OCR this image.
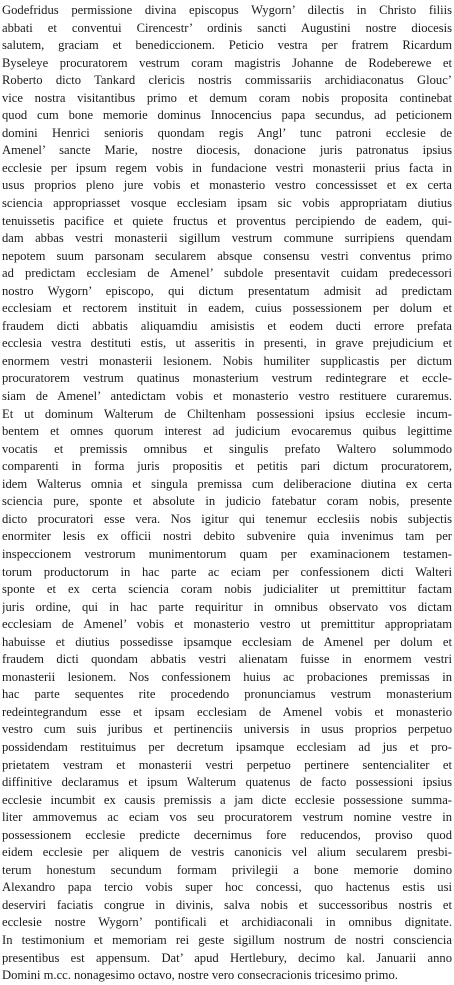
Godefridus permissione divina episcopus Wygorn’ dilectis in Christo filiis
abbati et conventui Cirencestr’ ordinis sancti Augustini nostre diocesis
salutem, graciam et benediccionem. Peticio vestra per fratrem Ricardum
Byseleye procuratorem vestrum coram magistris Johanne de Rodeberewe et
Roberto dicto Tankard clericis nostris commissariis archidiaconatus Glouc’
vice nostra visitantibus primo et demum coram nobis proposita continebat
quod cum bone memorie dominus Innocencius papa secundus, ad peticionem
domini Henrici senioris quondam regis Angl’ tunc patroni ecclesie de
Amenel’ sancte Marie, nostre diocesis, donacione juris patronatus ipsius
ecclesie per ipsum regem vobis in fundacione vestri monasterii prius facta in
usus proprios pleno jure vobis et monasterio vestro concessisset et ex certa
sciencia appropriasset vosque ecclesiam ipsam sic vobis appropriatam diutius
tenuissetis pacifice et quiete fructus et proventus percipiendo de eadem, qui-
dam abbas vestri monasterii sigillum vestrum commune surripiens quendam
nepotem suum parsonam secularem absque consensu vestri conventus primo
ad predictam ecclesiam de Amenel’ subdole presentavit cuidam predecessori
nostro Wygorn’ episcopo, qui dictum presentatum admisit ad predictam
ecclesiam et rectorem instituit in eadem, cuius possessionem per dolum et
fraudem dicti abbatis aliquamdiu amisistis et eodem ducti errore prefata
ecclesia vestra destituti estis, ut asseritis in presenti, in grave prejudicium et
enormem vestri monasterii lesionem. Nobis humiliter supplicastis per dictum
procuratorem vestrum quatinus monasterium vestrum redintegrare et eccle-
siam de Amenel’ antedictam vobis et monasterio vestro restituere curaremus.
Et ut dominum Walterum de Chiltenham possessioni ipsius ecclesie incum-
bentem et omnes quorum interest ad judicium evocaremus quibus legittime
vocatis et premissis omnibus et singulis prefato Waltero solummodo
comparenti in forma juris propositis et petitis pari dictum procuratorem,
idem Walterus omnia et singula premissa cum deliberacione diutina ex certa
sciencia pure, sponte et absolute in judicio fatebatur coram nobis, presente
dicto procuratori esse vera. Nos igitur qui tenemur ecclesiis nobis subjectis
enormiter lesis ex officii nostri debito subvenire quia invenimus tam per
inspeccionem vestrorum munimentorum quam per examinacionem testamen-
torum productorum in hac parte ac eciam per confessionem dicti Walteri
sponte et ex certa sciencia coram nobis judicialiter ut premittitur factam
juris ordine, qui in hac parte requiritur in omnibus observato vos dictam
ecclesiam de Amenel’ vobis et monasterio vestro ut premittitur appropriatam
habuisse et diutius possedisse ipsamque ecclesiam de Amenel per dolum et
fraudem dicti quondam abbatis vestri alienatam fuisse in enormem vestri
monasterii lesionem. Nos confessionem huius ac probaciones premissas in
hac parte sequentes rite procedendo pronunciamus vestrum monasterium
redeintegrandum esse et ipsam ecclesiam de Amenel vobis et monasterio
vestro cum suis juribus et pertinenciis universis in usus proprios perpetuo
possidendam restituimus per decretum ipsamque ecclesiam ad jus et pro-
prietatem vestram et monasterii vestri perpetuo pertinere sentencialiter et
diffinitive declaramus et ipsum Walterum quatenus de facto possessioni ipsius
ecclesie incumbit ex causis premissis a jam dicte ecclesie possessione summa-
liter ammovemus ac eciam vos seu procuratorem vestrum nomine vestre in
possessionem ecclesie predicte decernimus fore reducendos, proviso quod
eidem ecclesie per aliquem de vestris canonicis vel alium secularem presbi-
terum honestum secundum formam privilegii a bone memorie domino
Alexandro papa tercio vobis super hoc concessi, quo hactenus estis usi
deserviri faciatis congrue in divinis, salva nobis et successoribus nostris et
ecclesie nostre Wygorn’ pontificali et archidiaconali in omnibus dignitate.
In testimonium et memoriam rei geste sigillum nostrum de nostri consciencia
presentibus est appensum. Dat’ apud Hertlebury, decimo kal. Januarii anno
Domini m.cc. nonagesimo octavo, nostre vero consecracionis tricesimo primo.
